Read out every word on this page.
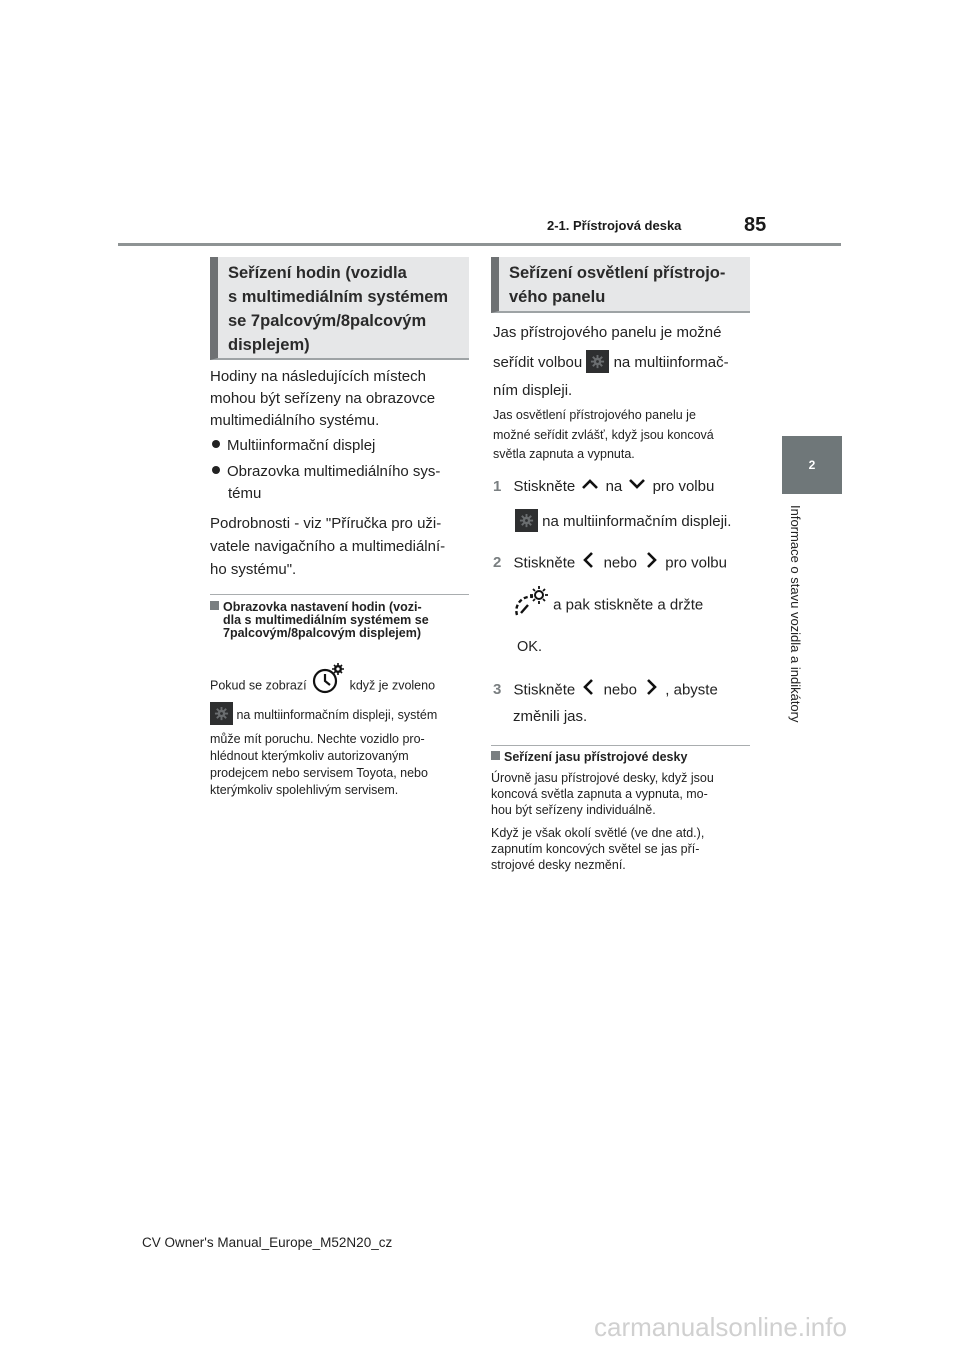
2-1. Přístrojová deska	85
2
Informace o stavu vozidla a indikátory
Seřízení hodin (vozidla
s multimediálním systémem
se 7palcovým/8palcovým
displejem)
Hodiny na následujících místech
mohou být seřízeny na obrazovce
multimediálního systému.
Multiinformační displej
Obrazovka multimediálního sys-
tému
Podrobnosti - viz "Příručka pro uži-
vatele navigačního a multimediální-
ho systému".
Obrazovka nastavení hodin (vozi-
dla s multimediálním systémem se
7palcovým/8palcovým displejem)
Pokud se zobrazí	když je zvoleno
na multiinformačním displeji, systém
může mít poruchu. Nechte vozidlo pro-
hlédnout kterýmkoliv autorizovaným
prodejcem nebo servisem Toyota, nebo
kterýmkoliv spolehlivým servisem.
Seřízení osvětlení přístrojo-
vého panelu
Jas přístrojového panelu je možné
seřídit volbou na multiinformač-
ním displeji.
Jas osvětlení přístrojového panelu je
možné seřídit zvlášť, když jsou koncová
světla zapnuta a vypnuta.
1 Stiskněte na pro volbu
na multiinformačním displeji.
2 Stiskněte nebo pro volbu
a pak stiskněte a držte
OK.
3 Stiskněte nebo , abyste
změnili jas.
Seřízení jasu přístrojové desky
Úrovně jasu přístrojové desky, když jsou
koncová světla zapnuta a vypnuta, mo-
hou být seřízeny individuálně.
Když je však okolí světlé (ve dne atd.),
zapnutím koncových světel se jas pří-
strojové desky nezmění.
CV Owner's Manual_Europe_M52N20_cz
carmanualsonline.info
